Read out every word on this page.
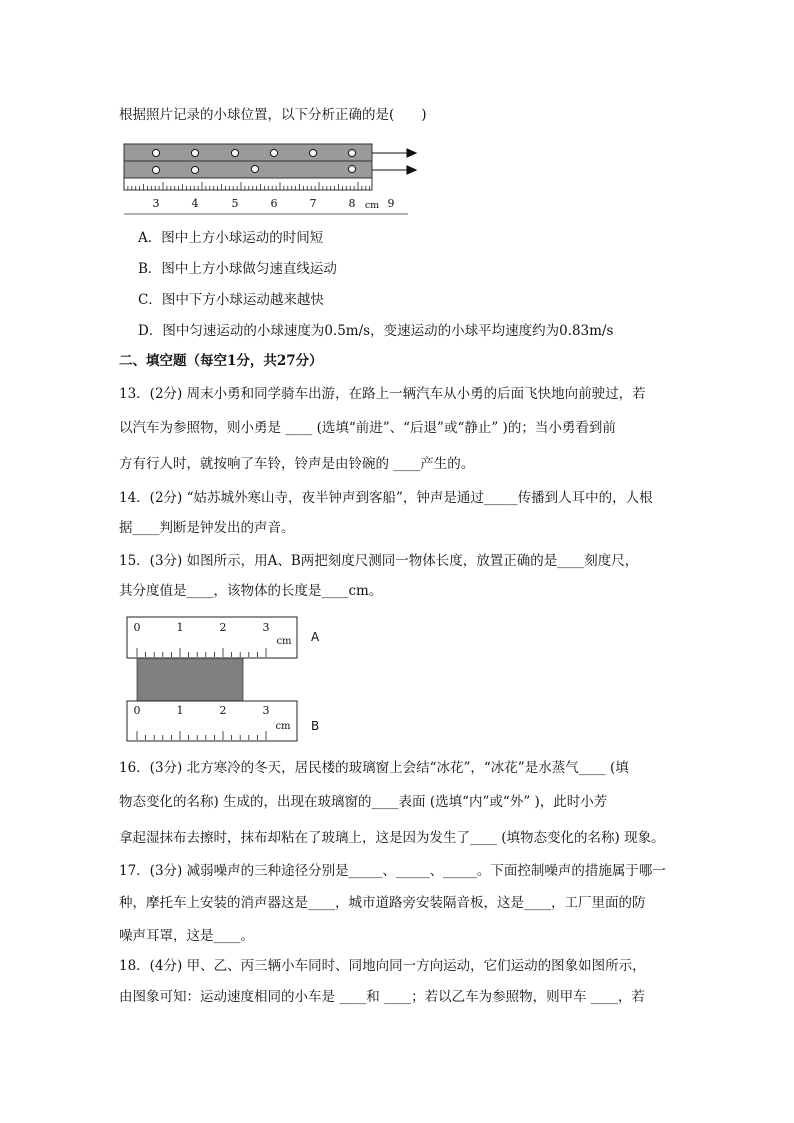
根据照片记录的小球位置，以下分析正确的是(　　)
3	4	5	6	7	8 cm 9
A．图中上方小球运动的时间短
B．图中上方小球做匀速直线运动
C．图中下方小球运动越来越快
D．图中匀速运动的小球速度为0.5m/s，变速运动的小球平均速度约为0.83m/s
二、填空题（每空1分，共27分）
13．(2分) 周末小勇和同学骑车出游，在路上一辆汽车从小勇的后面飞快地向前驶过，若
以汽车为参照物，则小勇是 ____ (选填“前进”、“后退”或“静止” )的；当小勇看到前
方有行人时，就按响了车铃，铃声是由铃碗的 ____产生的。
14．(2分) “姑苏城外寒山寺，夜半钟声到客船”，钟声是通过_____传播到人耳中的，人根
据____判断是钟发出的声音。
15．(3分) 如图所示，用A、B两把刻度尺测同一物体长度，放置正确的是____刻度尺，
其分度值是____，该物体的长度是____cm。
0	1	2	3
cm A
0	1	2	3
cm B
16．(3分) 北方寒冷的冬天，居民楼的玻璃窗上会结“冰花”，“冰花”是水蒸气____ (填
物态变化的名称) 生成的，出现在玻璃窗的____表面 (选填“内”或“外” )，此时小芳
拿起湿抹布去擦时，抹布却粘在了玻璃上，这是因为发生了____ (填物态变化的名称) 现象。
17．(3分) 减弱噪声的三种途径分别是_____、_____、_____。下面控制噪声的措施属于哪一
种，摩托车上安装的消声器这是____，城市道路旁安装隔音板，这是____，工厂里面的防
噪声耳罩，这是____。
18．(4分) 甲、乙、丙三辆小车同时、同地向同一方向运动，它们运动的图象如图所示，
由图象可知：运动速度相同的小车是 ____和 ____；若以乙车为参照物，则甲车 ____，若
